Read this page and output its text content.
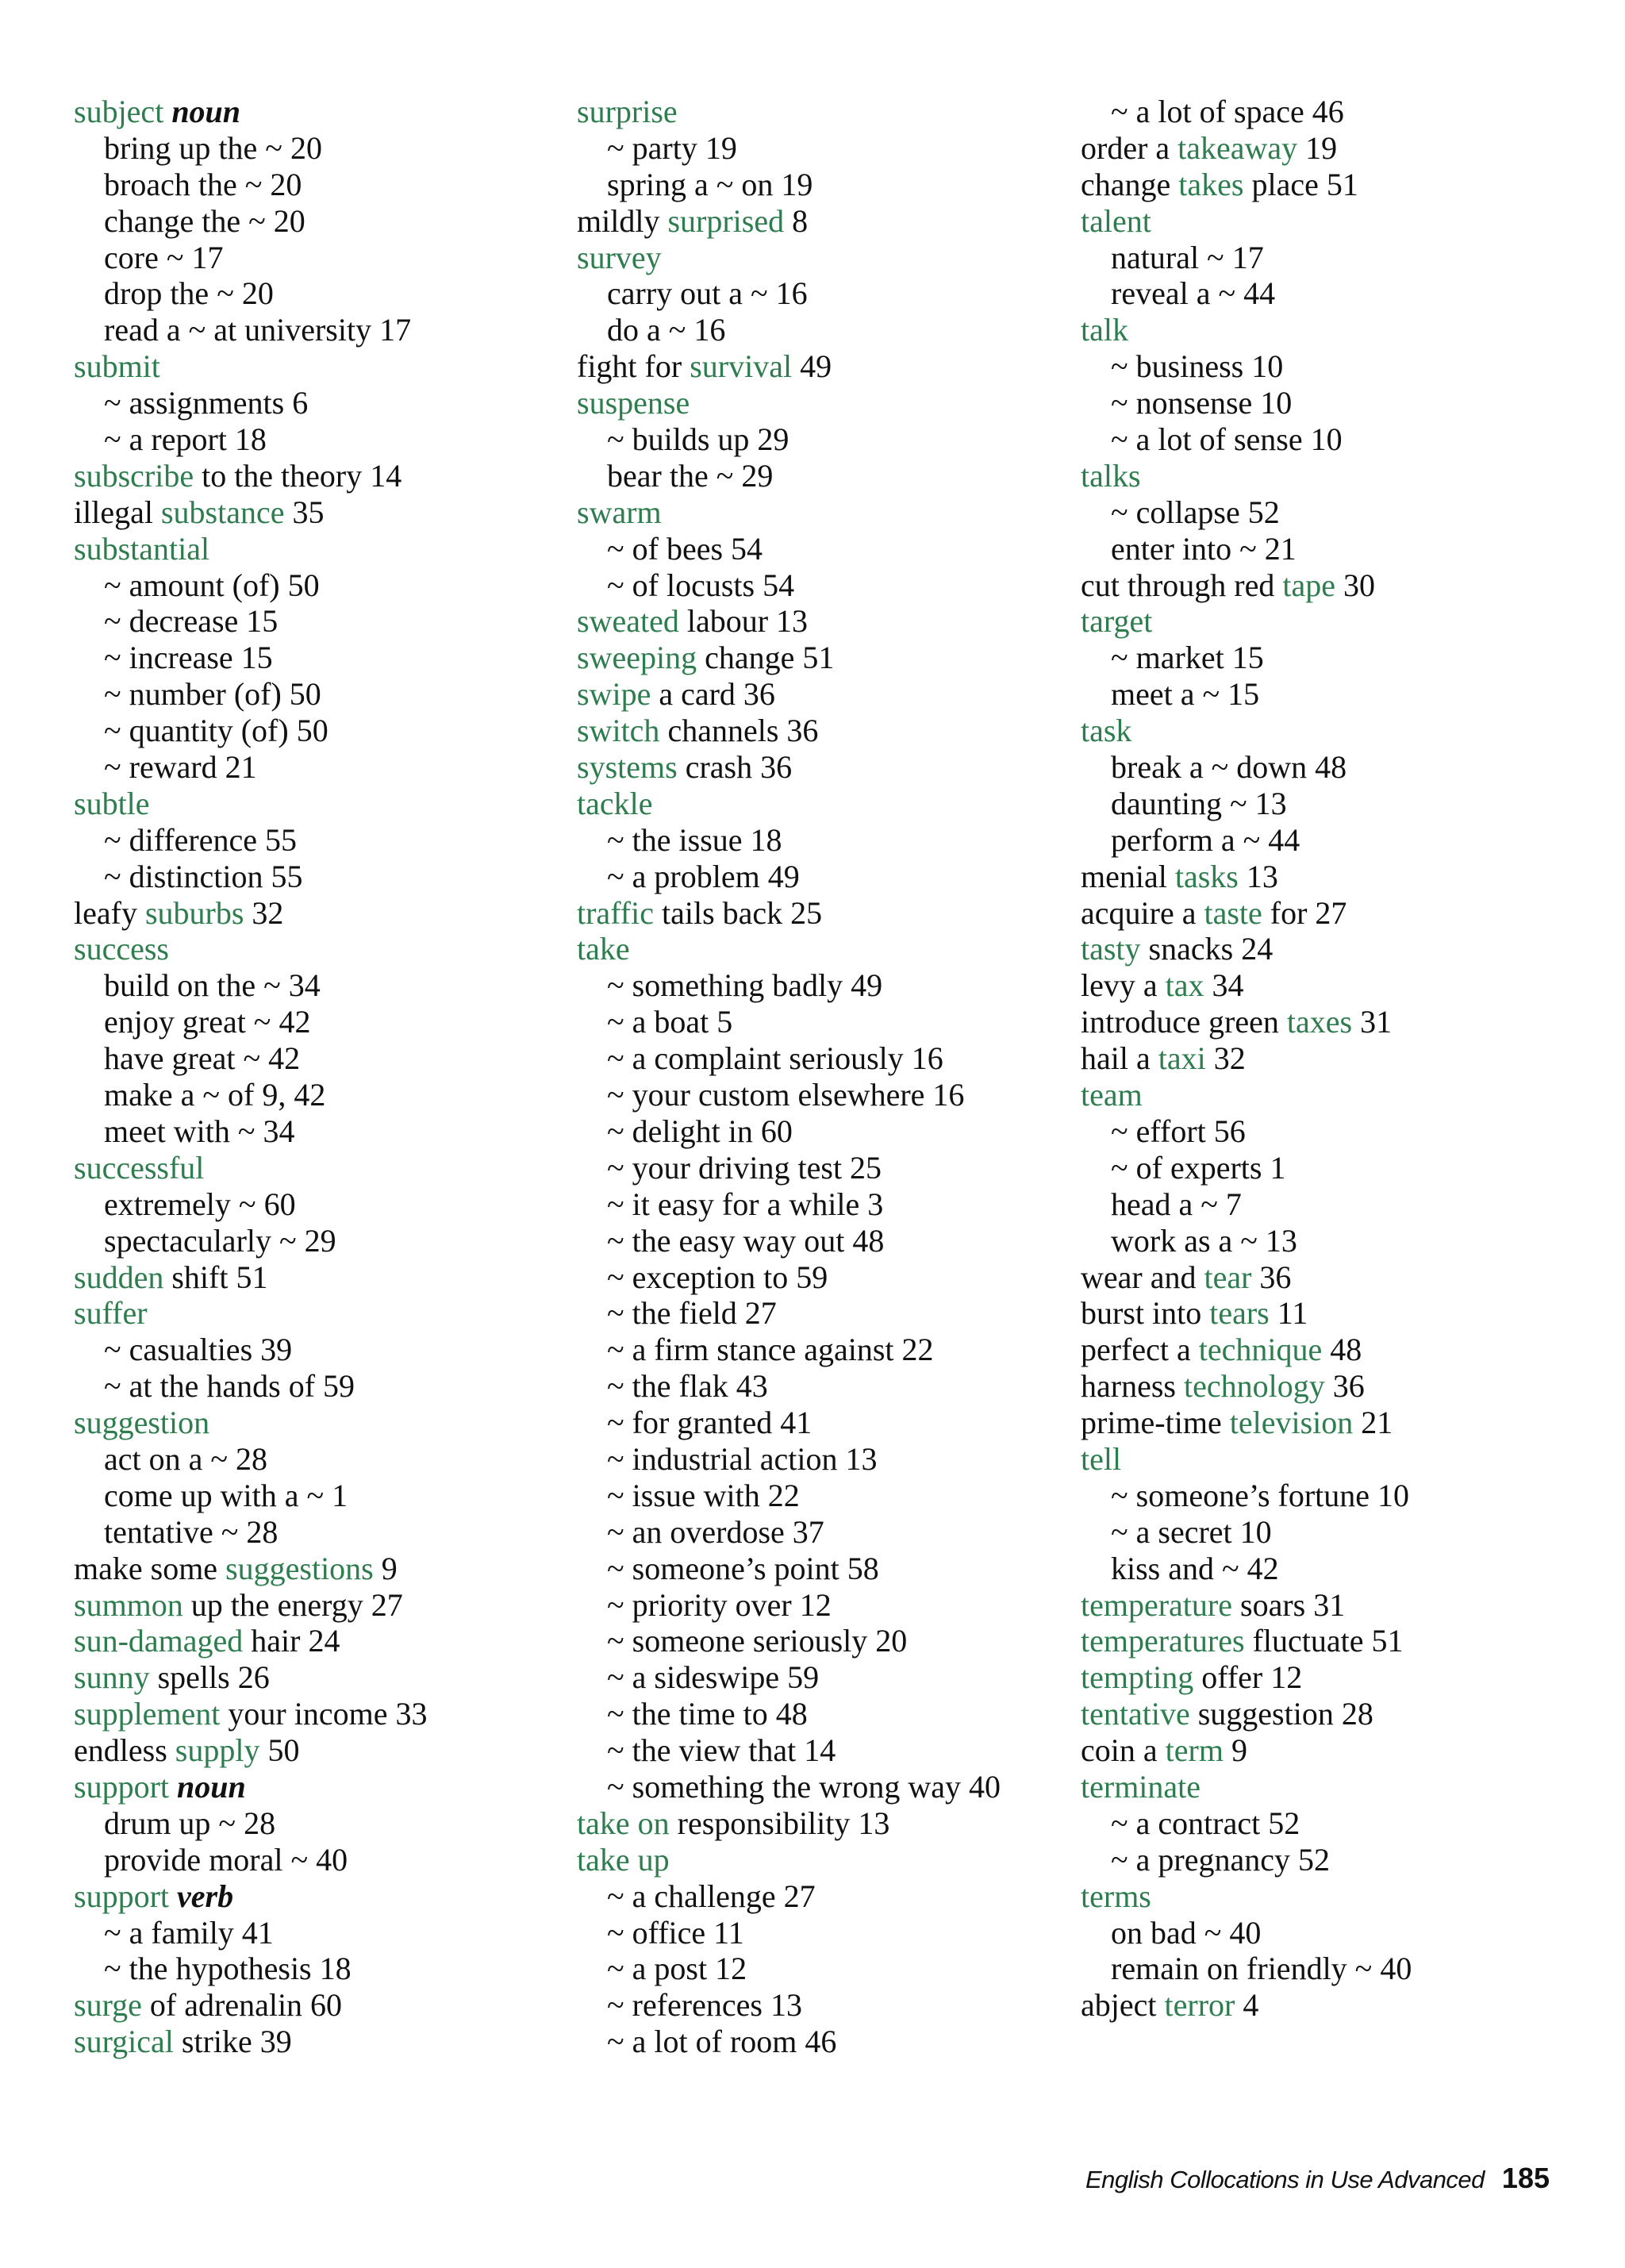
subject noun
bring up the ~ 20
broach the ~ 20
change the ~ 20
core ~ 17
drop the ~ 20
read a ~ at university 17
submit
~ assignments 6
~ a report 18
subscribe to the theory 14
illegal substance 35
substantial
~ amount (of) 50
~ decrease 15
~ increase 15
~ number (of) 50
~ quantity (of) 50
~ reward 21
subtle
~ difference 55
~ distinction 55
leafy suburbs 32
success
build on the ~ 34
enjoy great ~ 42
have great ~ 42
make a ~ of 9, 42
meet with ~ 34
successful
extremely ~ 60
spectacularly ~ 29
sudden shift 51
suffer
~ casualties 39
~ at the hands of 59
suggestion
act on a ~ 28
come up with a ~ 1
tentative ~ 28
make some suggestions 9
summon up the energy 27
sun-damaged hair 24
sunny spells 26
supplement your income 33
endless supply 50
support noun
drum up ~ 28
provide moral ~ 40
support verb
~ a family 41
~ the hypothesis 18
surge of adrenalin 60
surgical strike 39
surprise
~ party 19
spring a ~ on 19
mildly surprised 8
survey
carry out a ~ 16
do a ~ 16
fight for survival 49
suspense
~ builds up 29
bear the ~ 29
swarm
~ of bees 54
~ of locusts 54
sweated labour 13
sweeping change 51
swipe a card 36
switch channels 36
systems crash 36
tackle
~ the issue 18
~ a problem 49
traffic tails back 25
take
~ something badly 49
~ a boat 5
~ a complaint seriously 16
~ your custom elsewhere 16
~ delight in 60
~ your driving test 25
~ it easy for a while 3
~ the easy way out 48
~ exception to 59
~ the field 27
~ a firm stance against 22
~ the flak 43
~ for granted 41
~ industrial action 13
~ issue with 22
~ an overdose 37
~ someone’s point 58
~ priority over 12
~ someone seriously 20
~ a sideswipe 59
~ the time to 48
~ the view that 14
~ something the wrong way 40
take on responsibility 13
take up
~ a challenge 27
~ office 11
~ a post 12
~ references 13
~ a lot of room 46
~ a lot of space 46
order a takeaway 19
change takes place 51
talent
natural ~ 17
reveal a ~ 44
talk
~ business 10
~ nonsense 10
~ a lot of sense 10
talks
~ collapse 52
enter into ~ 21
cut through red tape 30
target
~ market 15
meet a ~ 15
task
break a ~ down 48
daunting ~ 13
perform a ~ 44
menial tasks 13
acquire a taste for 27
tasty snacks 24
levy a tax 34
introduce green taxes 31
hail a taxi 32
team
~ effort 56
~ of experts 1
head a ~ 7
work as a ~ 13
wear and tear 36
burst into tears 11
perfect a technique 48
harness technology 36
prime-time television 21
tell
~ someone’s fortune 10
~ a secret 10
kiss and ~ 42
temperature soars 31
temperatures fluctuate 51
tempting offer 12
tentative suggestion 28
coin a term 9
terminate
~ a contract 52
~ a pregnancy 52
terms
on bad ~ 40
remain on friendly ~ 40
abject terror 4
English Collocations in Use Advanced 185
